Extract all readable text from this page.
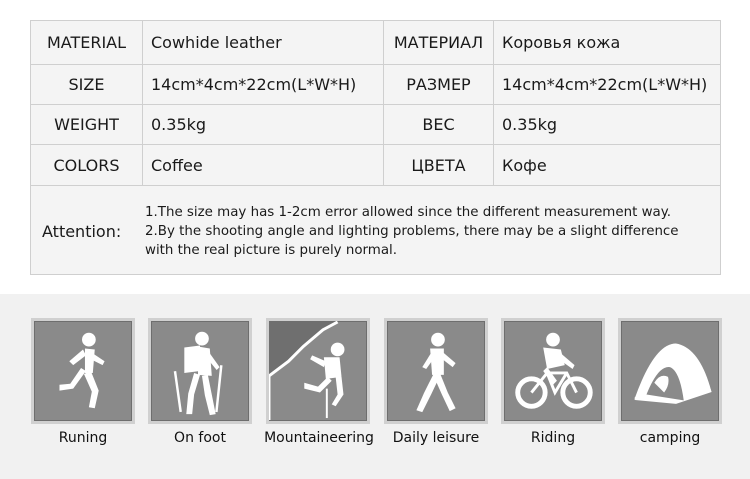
MATERIAL	Cowhide leather	МАТЕРИАЛ	Коровья кожа
SIZE	14cm*4cm*22cm(L*W*H)	РАЗМЕР	14cm*4cm*22cm(L*W*H)
WEIGHT	0.35kg	ВЕС	0.35kg
COLORS	Coffee	ЦВЕТА	Кофе
Attention:
1.The size may has 1-2cm error allowed since the different measurement way.
2.By the shooting angle and lighting problems, there may be a slight difference
with the real picture is purely normal.
Runing	On foot	Mountaineering	Daily leisure	Riding	camping
